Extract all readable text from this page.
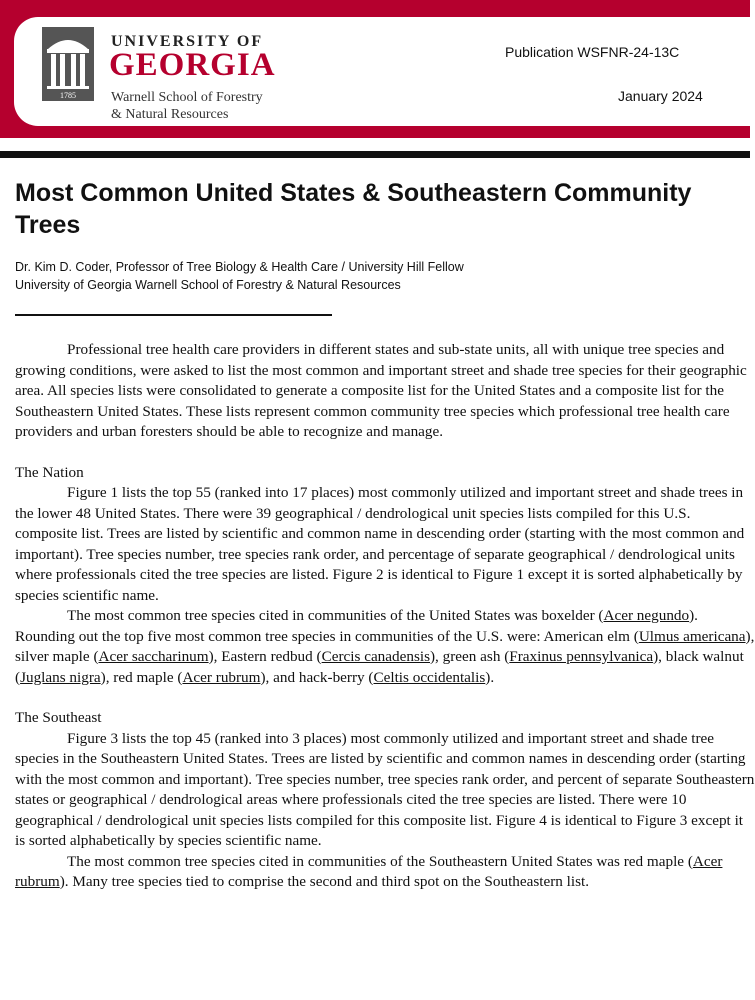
1785
UNIVERSITY OF
GEORGIA
Warnell School of Forestry
& Natural Resources
Publication WSFNR-24-13C
January 2024
Most Common United States & Southeastern Community Trees
Dr. Kim D. Coder, Professor of Tree Biology & Health Care / University Hill Fellow
University of Georgia Warnell School of Forestry & Natural Resources

Professional tree health care providers in different states and sub-state units, all with unique tree species and growing conditions, were asked to list the most common and important street and shade tree species for their geographic area. All species lists were consolidated to generate a composite list for the United States and a composite list for the Southeastern United States. These lists represent common community tree species which professional tree health care providers and urban foresters should be able to recognize and manage.

The Nation

Figure 1 lists the top 55 (ranked into 17 places) most commonly utilized and important street and shade trees in the lower 48 United States. There were 39 geographical / dendrological unit species lists compiled for this U.S. composite list. Trees are listed by scientific and common name in descending order (starting with the most common and important). Tree species number, tree species rank order, and percentage of separate geographical / dendrological units where professionals cited the tree species are listed. Figure 2 is identical to Figure 1 except it is sorted alphabetically by species scientific name.

The most common tree species cited in communities of the United States was boxelder (Acer negundo). Rounding out the top five most common tree species in communities of the U.S. were: American elm (Ulmus americana), silver maple (Acer saccharinum), Eastern redbud (Cercis canadensis), green ash (Fraxinus pennsylvanica), black walnut (Juglans nigra), red maple (Acer rubrum), and hack-berry (Celtis occidentalis).

The Southeast

Figure 3 lists the top 45 (ranked into 3 places) most commonly utilized and important street and shade tree species in the Southeastern United States. Trees are listed by scientific and common names in descending order (starting with the most common and important). Tree species number, tree species rank order, and percent of separate Southeastern states or geographical / dendrological areas where professionals cited the tree species are listed. There were 10 geographical / dendrological unit species lists compiled for this composite list. Figure 4 is identical to Figure 3 except it is sorted alphabetically by species scientific name.

The most common tree species cited in communities of the Southeastern United States was red maple (Acer rubrum). Many tree species tied to comprise the second and third spot on the Southeastern list.
